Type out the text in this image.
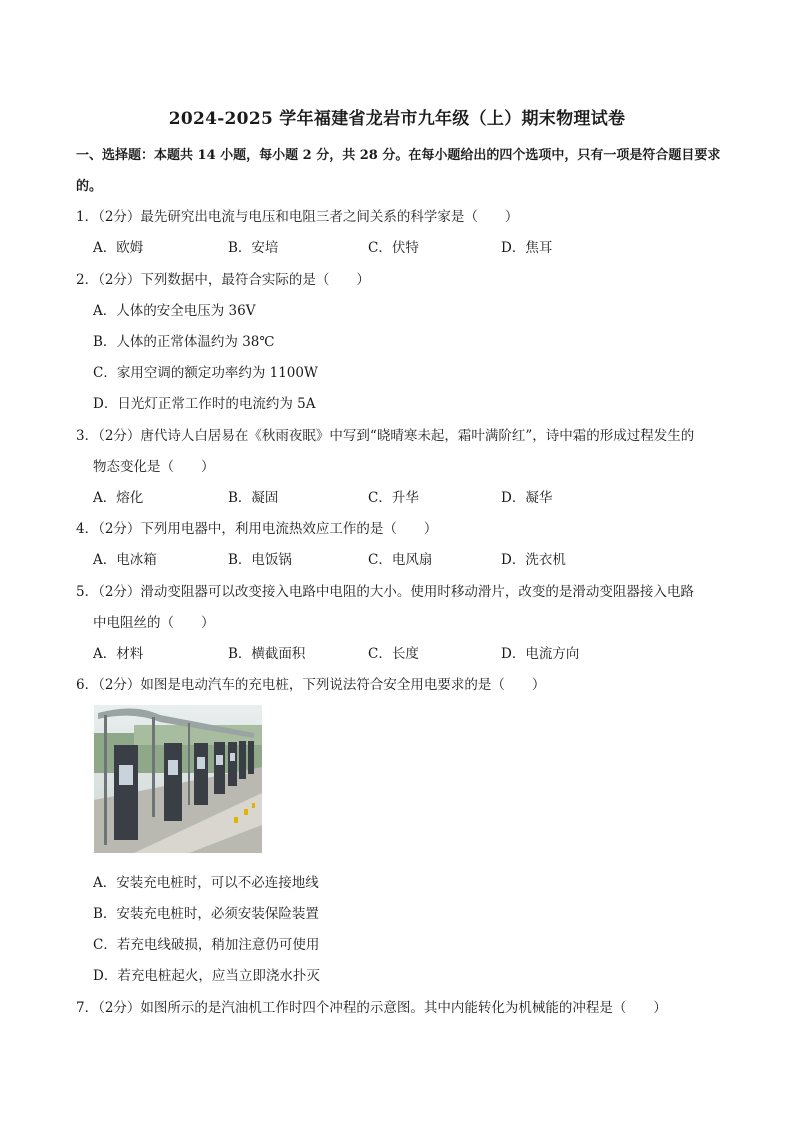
2024-2025 学年福建省龙岩市九年级（上）期末物理试卷
一、选择题：本题共 14 小题，每小题 2 分，共 28 分。在每小题给出的四个选项中，只有一项是符合题目要求的。
1．（2分）最先研究出电流与电压和电阻三者之间关系的科学家是（　　）
A．欧姆	B．安培	C．伏特	D．焦耳
2．（2分）下列数据中，最符合实际的是（　　）
A．人体的安全电压为 36V
B．人体的正常体温约为 38℃
C．家用空调的额定功率约为 1100W
D．日光灯正常工作时的电流约为 5A
3．（2分）唐代诗人白居易在《秋雨夜眠》中写到“晓晴寒未起，霜叶满阶红”，诗中霜的形成过程发生的
物态变化是（　　）
A．熔化	B．凝固	C．升华	D．凝华
4．（2分）下列用电器中，利用电流热效应工作的是（　　）
A．电冰箱	B．电饭锅	C．电风扇	D．洗衣机
5．（2分）滑动变阻器可以改变接入电路中电阻的大小。使用时移动滑片，改变的是滑动变阻器接入电路
中电阻丝的（　　）
A．材料	B．横截面积	C．长度	D．电流方向
6．（2分）如图是电动汽车的充电桩，下列说法符合安全用电要求的是（　　）
A．安装充电桩时，可以不必连接地线
B．安装充电桩时，必须安装保险装置
C．若充电线破损，稍加注意仍可使用
D．若充电桩起火，应当立即浇水扑灭
7．（2分）如图所示的是汽油机工作时四个冲程的示意图。其中内能转化为机械能的冲程是（　　）
